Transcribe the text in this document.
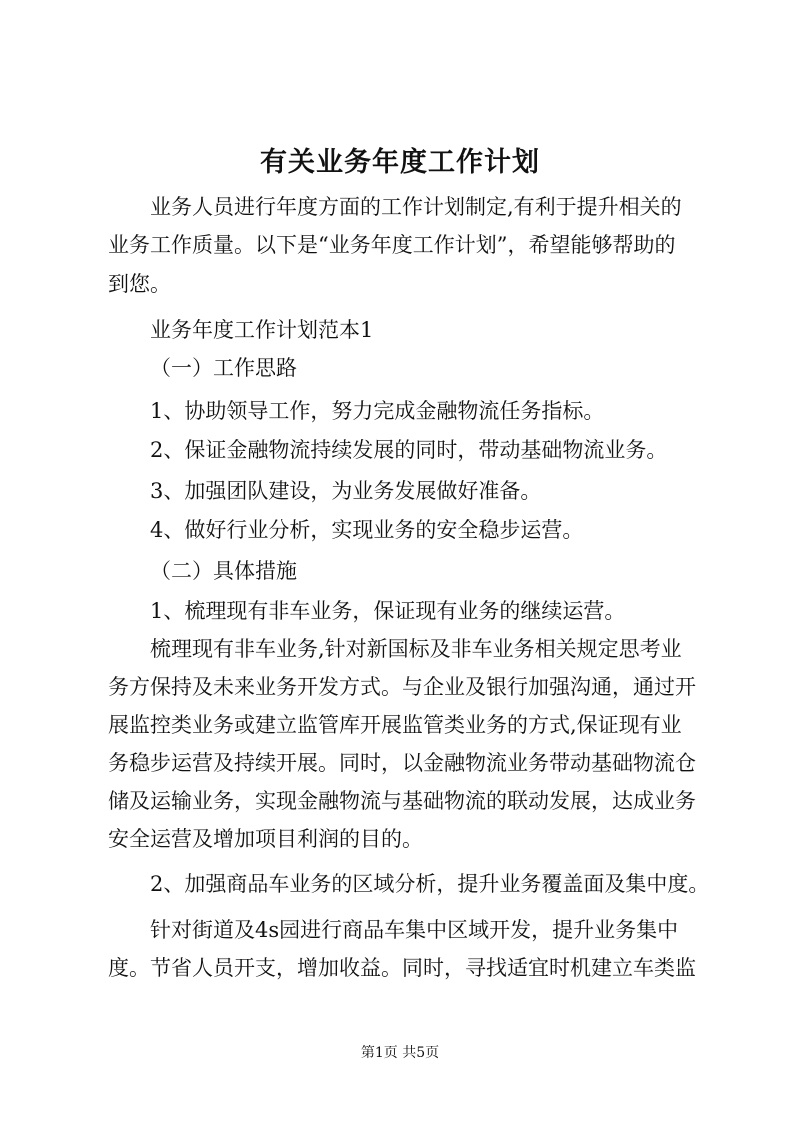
有关业务年度工作计划
业务人员进行年度方面的工作计划制定,有利于提升相关的
业务工作质量。以下是“业务年度工作计划”，希望能够帮助的
到您。
业务年度工作计划范本1
（一）工作思路
1、协助领导工作，努力完成金融物流任务指标。
2、保证金融物流持续发展的同时，带动基础物流业务。
3、加强团队建设，为业务发展做好准备。
4、做好行业分析，实现业务的安全稳步运营。
（二）具体措施
1、梳理现有非车业务，保证现有业务的继续运营。
梳理现有非车业务,针对新国标及非车业务相关规定思考业
务方保持及未来业务开发方式。与企业及银行加强沟通，通过开
展监控类业务或建立监管库开展监管类业务的方式,保证现有业
务稳步运营及持续开展。同时，以金融物流业务带动基础物流仓
储及运输业务，实现金融物流与基础物流的联动发展，达成业务
安全运营及增加项目利润的目的。
2、加强商品车业务的区域分析，提升业务覆盖面及集中度。
针对街道及4s园进行商品车集中区域开发，提升业务集中
度。节省人员开支，增加收益。同时，寻找适宜时机建立车类监
第1页 共5页
